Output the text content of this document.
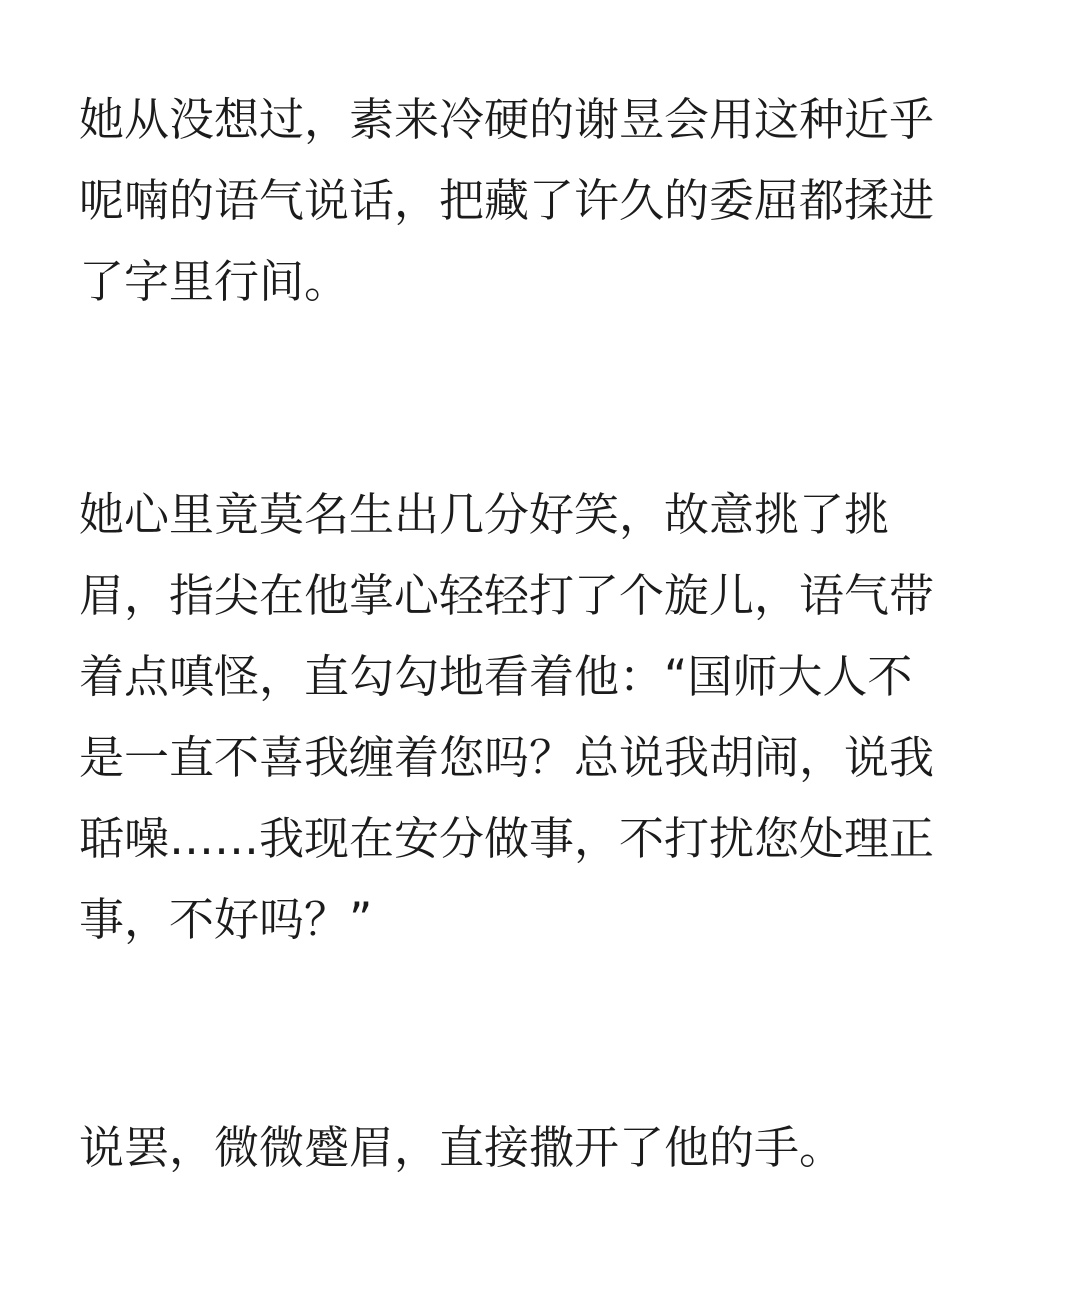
她从没想过，素来冷硬的谢昱会用这种近乎
呢喃的语气说话，把藏了许久的委屈都揉进
了字里行间。

她心里竟莫名生出几分好笑，故意挑了挑
眉，指尖在他掌心轻轻打了个旋儿，语气带
着点嗔怪，直勾勾地看着他：“国师大人不
是一直不喜我缠着您吗？总说我胡闹，说我
聒噪……我现在安分做事，不打扰您处理正
事，不好吗？”

说罢，微微蹙眉，直接撒开了他的手。
